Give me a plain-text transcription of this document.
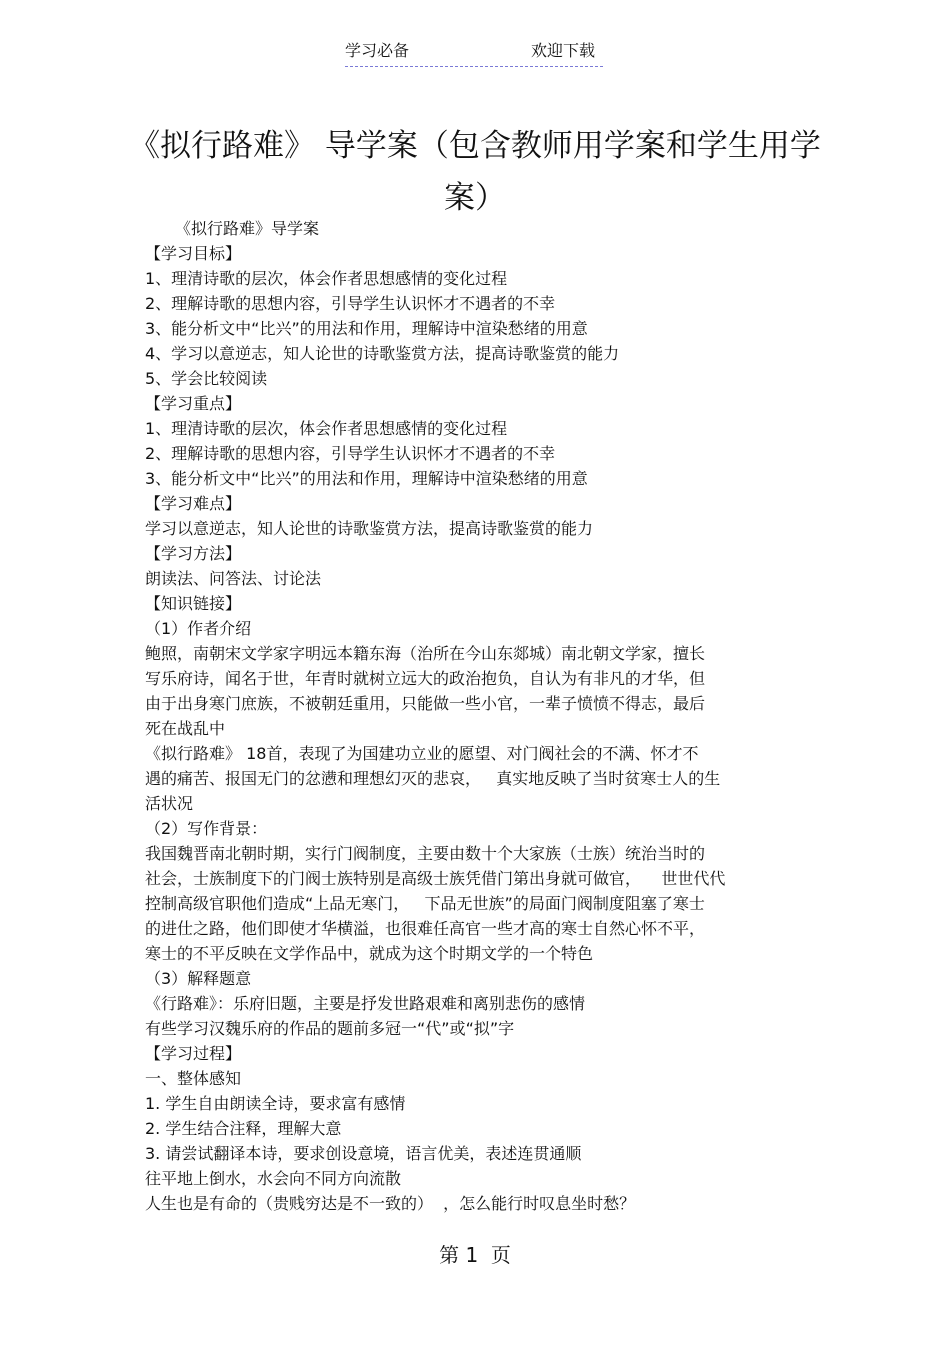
学习必备	欢迎下载
《拟行路难》 导学案（包含教师用学案和学生用学案）
《拟行路难》导学案
【学习目标】
1、理清诗歌的层次，体会作者思想感情的变化过程
2、理解诗歌的思想内容，引导学生认识怀才不遇者的不幸
3、能分析文中“比兴”的用法和作用，理解诗中渲染愁绪的用意
4、学习以意逆志，知人论世的诗歌鉴赏方法，提高诗歌鉴赏的能力
5、学会比较阅读
【学习重点】
1、理清诗歌的层次，体会作者思想感情的变化过程
2、理解诗歌的思想内容，引导学生认识怀才不遇者的不幸
3、能分析文中“比兴”的用法和作用，理解诗中渲染愁绪的用意
【学习难点】
学习以意逆志，知人论世的诗歌鉴赏方法，提高诗歌鉴赏的能力
【学习方法】
朗读法、问答法、讨论法
【知识链接】
（1）作者介绍
鲍照，南朝宋文学家字明远本籍东海（治所在今山东郯城）南北朝文学家，擅长
写乐府诗，闻名于世，年青时就树立远大的政治抱负，自认为有非凡的才华，但
由于出身寒门庶族，不被朝廷重用，只能做一些小官，一辈子愤愤不得志，最后
死在战乱中
《拟行路难》 18首，表现了为国建功立业的愿望、对门阀社会的不满、怀才不
遇的痛苦、报国无门的忿懑和理想幻灭的悲哀，   真实地反映了当时贫寒士人的生
活状况
（2）写作背景：
我国魏晋南北朝时期，实行门阀制度，主要由数十个大家族（士族）统治当时的
社会，士族制度下的门阀士族特别是高级士族凭借门第出身就可做官，    世世代代
控制高级官职他们造成“上品无寒门，   下品无世族”的局面门阀制度阻塞了寒士
的进仕之路，他们即使才华横溢，也很难任高官一些才高的寒士自然心怀不平，
寒士的不平反映在文学作品中，就成为这个时期文学的一个特色
（3）解释题意
《行路难》：乐府旧题，主要是抒发世路艰难和离别悲伤的感情
有些学习汉魏乐府的作品的题前多冠一“代”或“拟”字
【学习过程】
一、整体感知
1. 学生自由朗读全诗，要求富有感情
2. 学生结合注释，理解大意
3. 请尝试翻译本诗，要求创设意境，语言优美，表述连贯通顺
往平地上倒水，水会向不同方向流散
人生也是有命的（贵贱穷达是不一致的）  ，怎么能行时叹息坐时愁？
第 1  页
